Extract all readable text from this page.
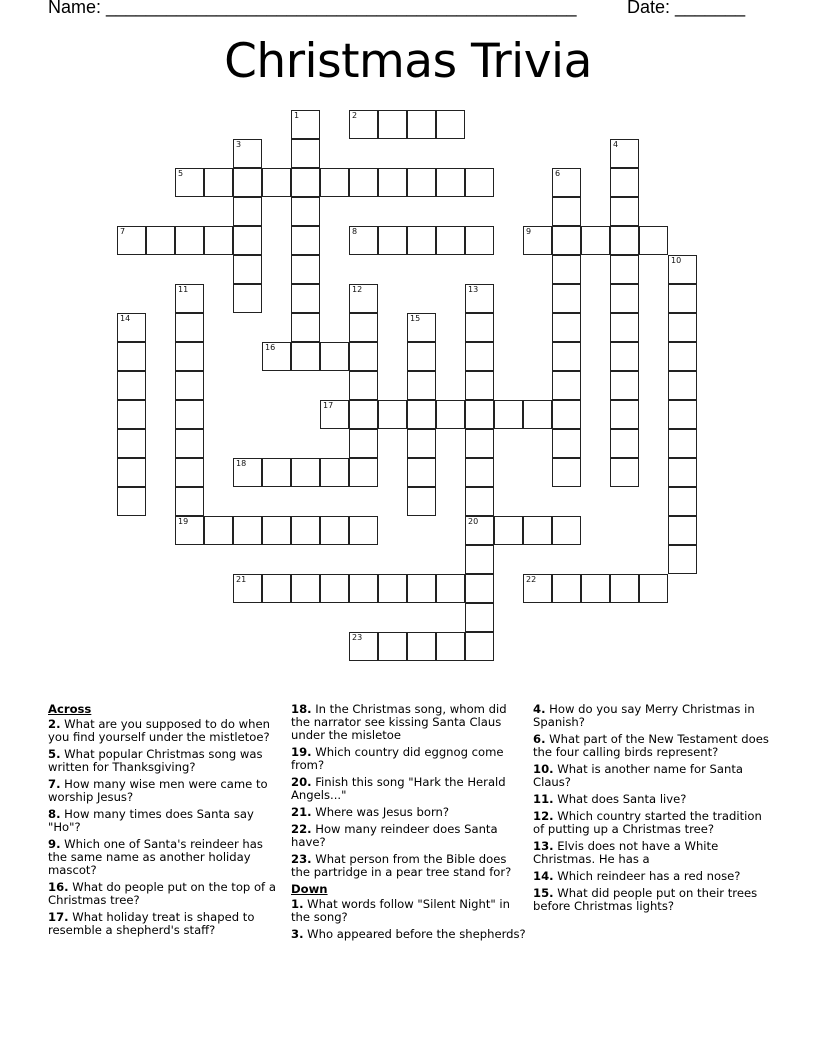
Name: _______________________________________________	Date: _______
Christmas Trivia
1	2
3	4
5	6
7	8	9
10
11
19
12	13
20
14	15
16
17
18
21	22
23
Across
2. What are you supposed to do when you find yourself under the mistletoe?
5. What popular Christmas song was written for Thanksgiving?
7. How many wise men were came to worship Jesus?
8. How many times does Santa say "Ho"?
9. Which one of Santa's reindeer has the same name as another holiday mascot?
16. What do people put on the top of a Christmas tree?
17. What holiday treat is shaped to resemble a shepherd's staff?
18. In the Christmas song, whom did the narrator see kissing Santa Claus under the misletoe
19. Which country did eggnog come from?
20. Finish this song "Hark the Herald Angels..."
21. Where was Jesus born?
22. How many reindeer does Santa have?
23. What person from the Bible does the partridge in a pear tree stand for?
Down
1. What words follow "Silent Night" in the song?
3. Who appeared before the shepherds?
4. How do you say Merry Christmas in Spanish?
6. What part of the New Testament does the four calling birds represent?
10. What is another name for Santa Claus?
11. What does Santa live?
12. Which country started the tradition of putting up a Christmas tree?
13. Elvis does not have a White Christmas. He has a
14. Which reindeer has a red nose?
15. What did people put on their trees before Christmas lights?
